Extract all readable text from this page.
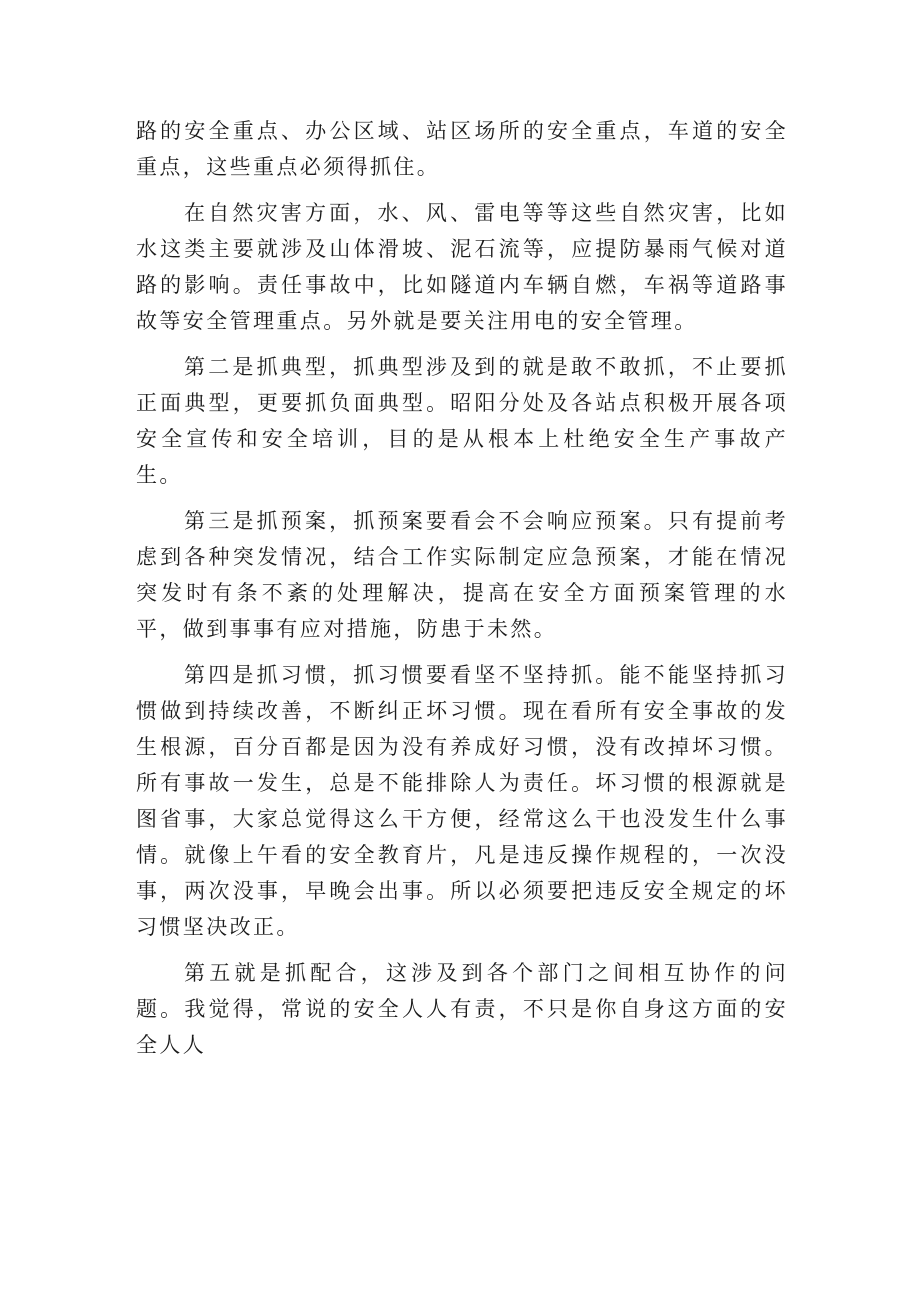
路的安全重点、办公区域、站区场所的安全重点，车道的安全重点，这些重点必须得抓住。

在自然灾害方面，水、风、雷电等等这些自然灾害，比如水这类主要就涉及山体滑坡、泥石流等，应提防暴雨气候对道路的影响。责任事故中，比如隧道内车辆自燃，车祸等道路事故等安全管理重点。另外就是要关注用电的安全管理。

第二是抓典型，抓典型涉及到的就是敢不敢抓，不止要抓正面典型，更要抓负面典型。昭阳分处及各站点积极开展各项安全宣传和安全培训，目的是从根本上杜绝安全生产事故产生。

第三是抓预案，抓预案要看会不会响应预案。只有提前考虑到各种突发情况，结合工作实际制定应急预案，才能在情况突发时有条不紊的处理解决，提高在安全方面预案管理的水平，做到事事有应对措施，防患于未然。

第四是抓习惯，抓习惯要看坚不坚持抓。能不能坚持抓习惯做到持续改善，不断纠正坏习惯。现在看所有安全事故的发生根源，百分百都是因为没有养成好习惯，没有改掉坏习惯。所有事故一发生，总是不能排除人为责任。坏习惯的根源就是图省事，大家总觉得这么干方便，经常这么干也没发生什么事情。就像上午看的安全教育片，凡是违反操作规程的，一次没事，两次没事，早晚会出事。所以必须要把违反安全规定的坏习惯坚决改正。

第五就是抓配合，这涉及到各个部门之间相互协作的问题。我觉得，常说的安全人人有责，不只是你自身这方面的安全人人
